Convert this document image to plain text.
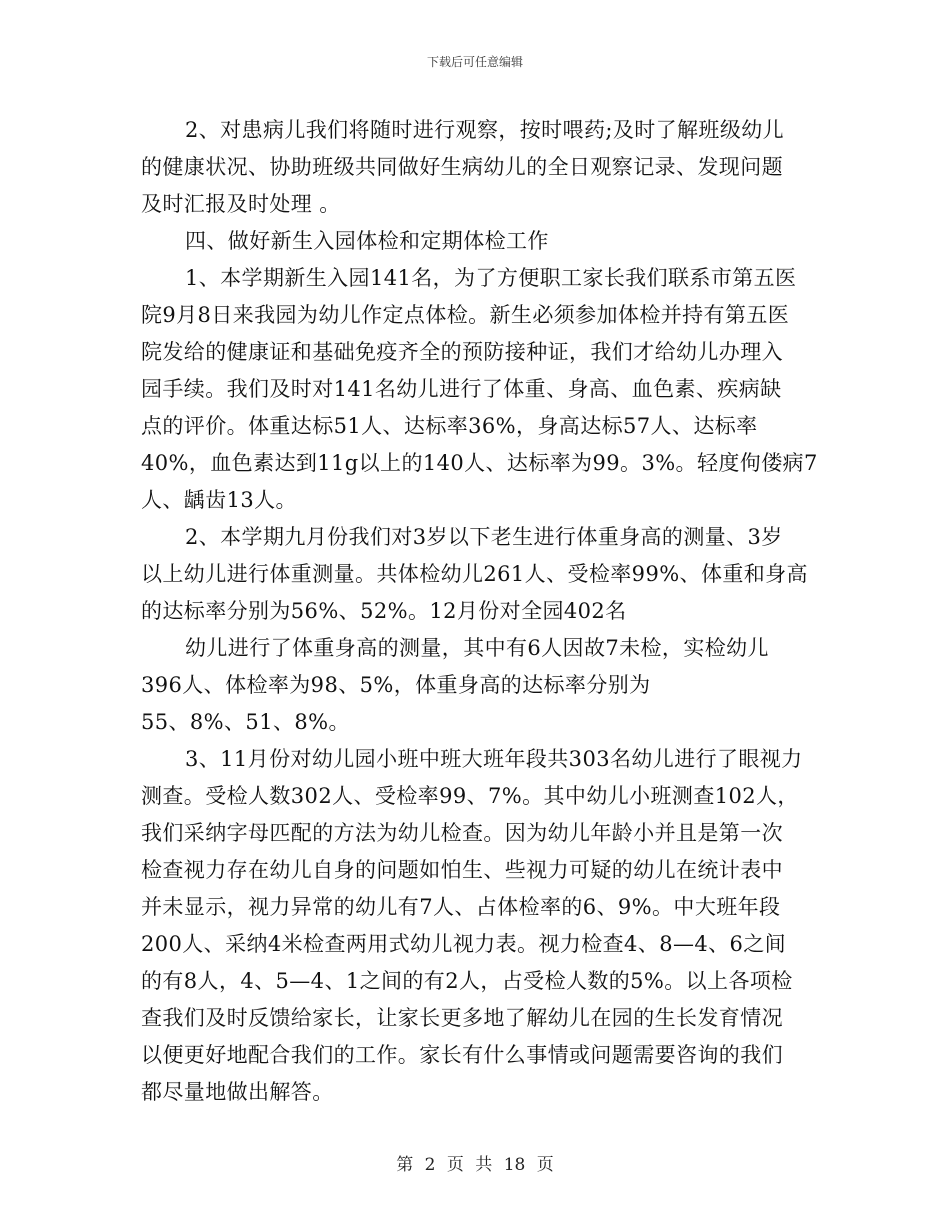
下载后可任意编辑
2、对患病儿我们将随时进行观察，按时喂药;及时了解班级幼儿
的健康状况、协助班级共同做好生病幼儿的全日观察记录、发现问题
及时汇报及时处理 。
四、做好新生入园体检和定期体检工作
1、本学期新生入园141名，为了方便职工家长我们联系市第五医
院9月8日来我园为幼儿作定点体检。新生必须参加体检并持有第五医
院发给的健康证和基础免疫齐全的预防接种证，我们才给幼儿办理入
园手续。我们及时对141名幼儿进行了体重、身高、血色素、疾病缺
点的评价。体重达标51人、达标率36%，身高达标57人、达标率
40%，血色素达到11g以上的140人、达标率为99。3%。轻度佝偻病7
人、龋齿13人。
2、本学期九月份我们对3岁以下老生进行体重身高的测量、3岁
以上幼儿进行体重测量。共体检幼儿261人、受检率99%、体重和身高
的达标率分别为56%、52%。12月份对全园402名
幼儿进行了体重身高的测量，其中有6人因故7未检，实检幼儿
396人、体检率为98、5%，体重身高的达标率分别为
55、8%、51、8%。
3、11月份对幼儿园小班中班大班年段共303名幼儿进行了眼视力
测查。受检人数302人、受检率99、7%。其中幼儿小班测查102人，
我们采纳字母匹配的方法为幼儿检查。因为幼儿年龄小并且是第一次
检查视力存在幼儿自身的问题如怕生、些视力可疑的幼儿在统计表中
并未显示，视力异常的幼儿有7人、占体检率的6、9%。中大班年段
200人、采纳4米检查两用式幼儿视力表。视力检查4、8—4、6之间
的有8人，4、5—4、1之间的有2人，占受检人数的5%。以上各项检
查我们及时反馈给家长，让家长更多地了解幼儿在园的生长发育情况
以便更好地配合我们的工作。家长有什么事情或问题需要咨询的我们
都尽量地做出解答。
第 2 页 共 18 页
